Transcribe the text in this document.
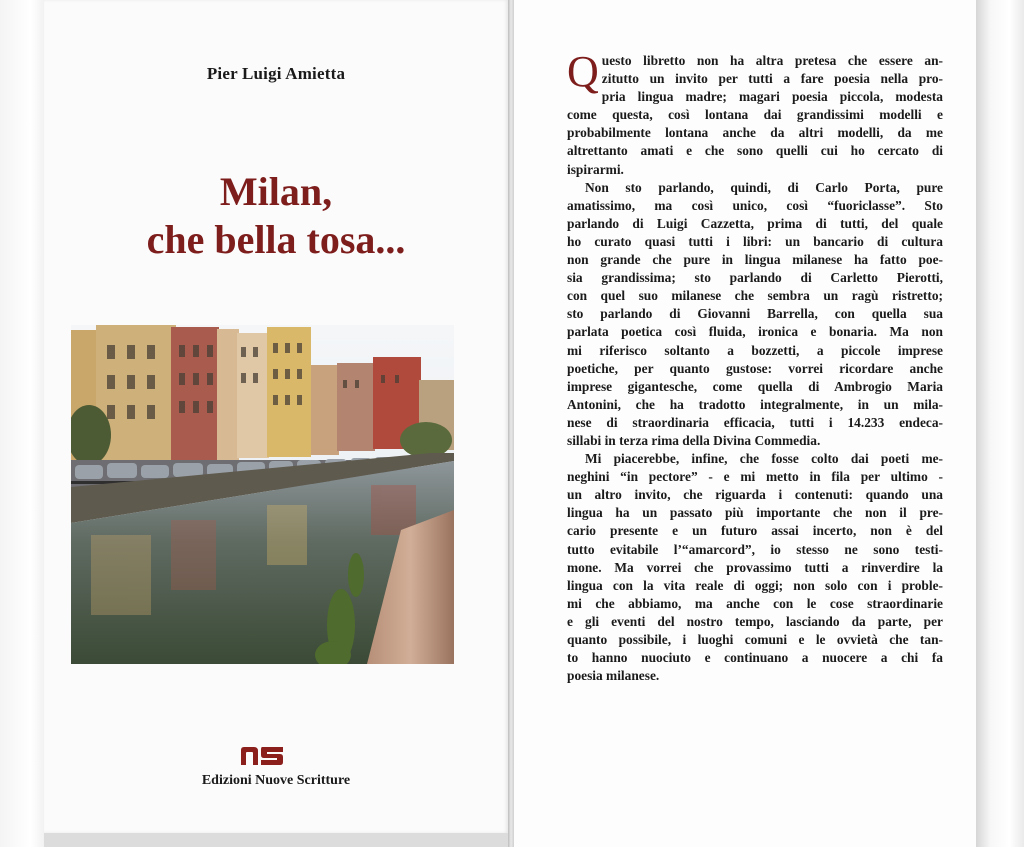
Pier Luigi Amietta
Milan,
che bella tosa...
Edizioni Nuove Scritture
Q uesto libretto non ha altra pretesa che essere an-
zitutto un invito per tutti a fare poesia nella pro-
pria lingua madre; magari poesia piccola, modesta
come questa, così lontana dai grandissimi modelli e
probabilmente lontana anche da altri modelli, da me
altrettanto amati e che sono quelli cui ho cercato di
ispirarmi.
Non sto parlando, quindi, di Carlo Porta, pure
amatissimo, ma così unico, così “fuoriclasse”. Sto
parlando di Luigi Cazzetta, prima di tutti, del quale
ho curato quasi tutti i libri: un bancario di cultura
non grande che pure in lingua milanese ha fatto poe-
sia grandissima; sto parlando di Carletto Pierotti,
con quel suo milanese che sembra un ragù ristretto;
sto parlando di Giovanni Barrella, con quella sua
parlata poetica così fluida, ironica e bonaria. Ma non
mi riferisco soltanto a bozzetti, a piccole imprese
poetiche, per quanto gustose: vorrei ricordare anche
imprese gigantesche, come quella di Ambrogio Maria
Antonini, che ha tradotto integralmente, in un mila-
nese di straordinaria efficacia, tutti i 14.233 endeca-
sillabi in terza rima della Divina Commedia.
Mi piacerebbe, infine, che fosse colto dai poeti me-
neghini “in pectore” - e mi metto in fila per ultimo -
un altro invito, che riguarda i contenuti: quando una
lingua ha un passato più importante che non il pre-
cario presente e un futuro assai incerto, non è del
tutto evitabile l’“amarcord”, io stesso ne sono testi-
mone. Ma vorrei che provassimo tutti a rinverdire la
lingua con la vita reale di oggi; non solo con i proble-
mi che abbiamo, ma anche con le cose straordinarie
e gli eventi del nostro tempo, lasciando da parte, per
quanto possibile, i luoghi comuni e le ovvietà che tan-
to hanno nuociuto e continuano a nuocere a chi fa
poesia milanese.
